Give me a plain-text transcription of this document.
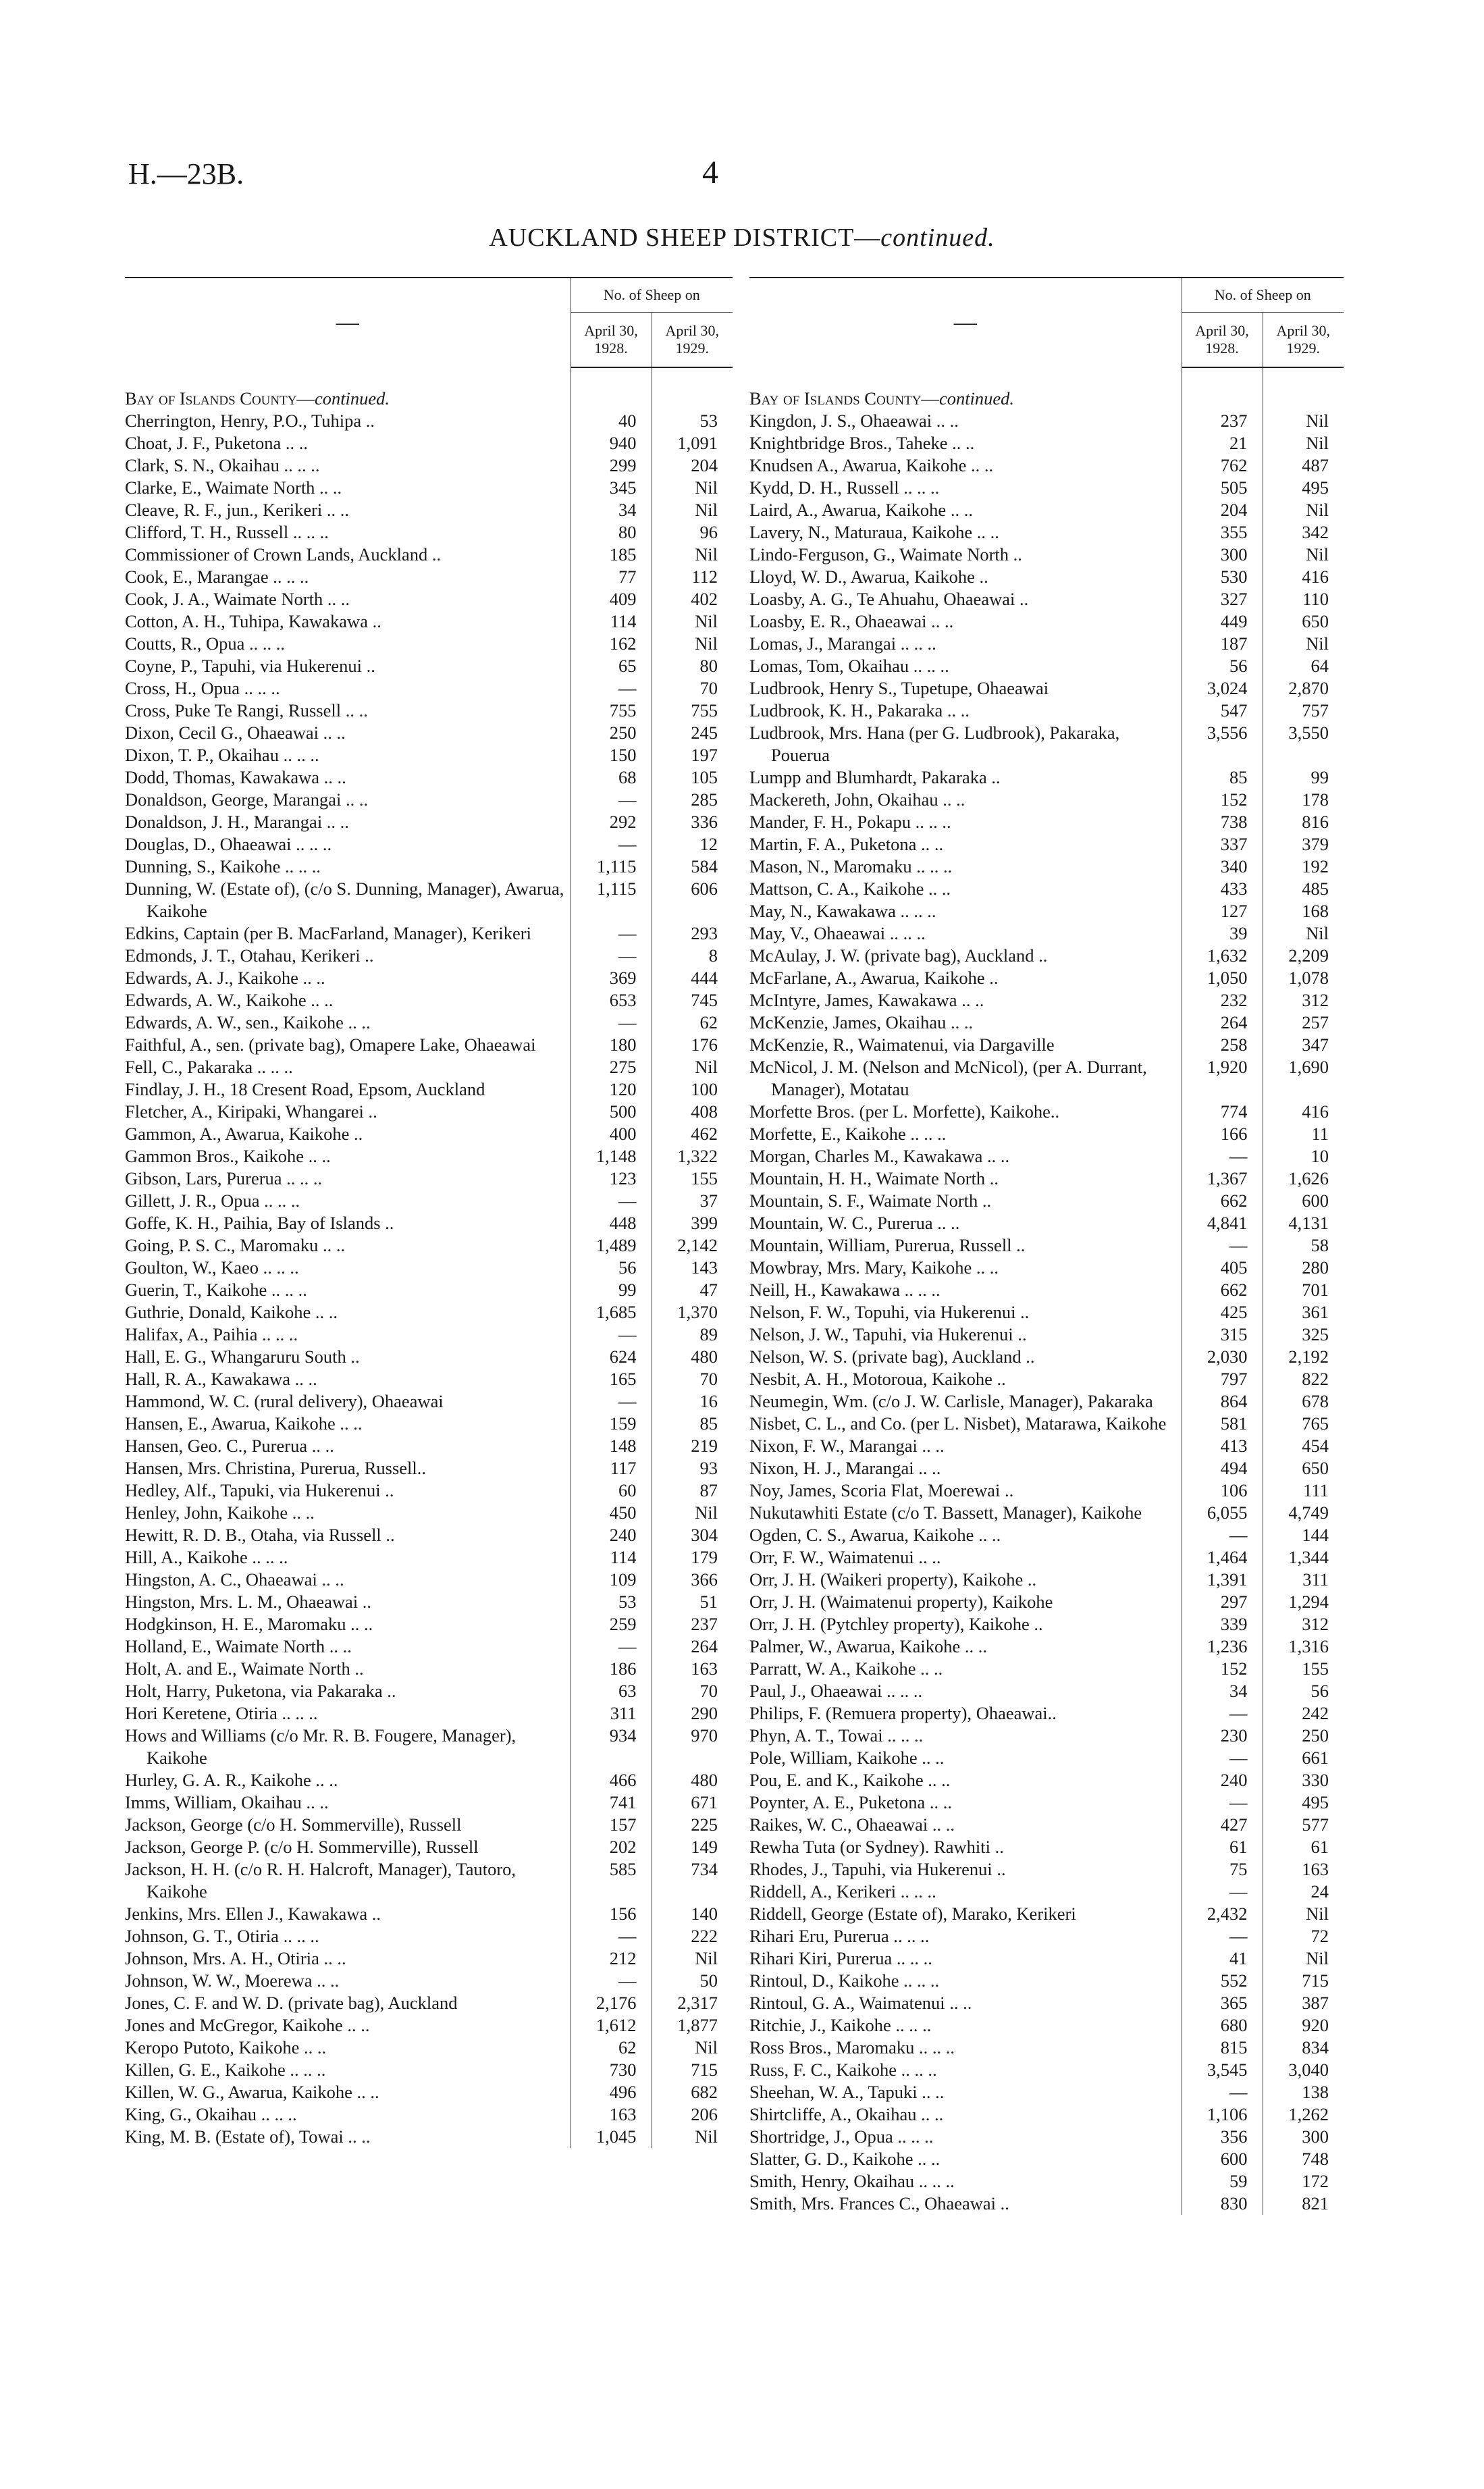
H.—23B.	4
AUCKLAND SHEEP DISTRICT—continued.
—	No. of Sheep on	
	April 30, 1928.	April 30, 1929.
Bay of Islands County—continued.		

Cherrington, Henry, P.O., Tuhipa ..	40	53

Choat, J. F., Puketona .. ..	940	1,091

Clark, S. N., Okaihau .. .. ..	299	204

Clarke, E., Waimate North .. ..	345	Nil

Cleave, R. F., jun., Kerikeri .. ..	34	Nil

Clifford, T. H., Russell .. .. ..	80	96

Commissioner of Crown Lands, Auckland ..	185	Nil

Cook, E., Marangae .. .. ..	77	112

Cook, J. A., Waimate North .. ..	409	402

Cotton, A. H., Tuhipa, Kawakawa ..	114	Nil

Coutts, R., Opua .. .. ..	162	Nil

Coyne, P., Tapuhi, via Hukerenui ..	65	80

Cross, H., Opua .. .. ..	—	70

Cross, Puke Te Rangi, Russell .. ..	755	755

Dixon, Cecil G., Ohaeawai .. ..	250	245

Dixon, T. P., Okaihau .. .. ..	150	197

Dodd, Thomas, Kawakawa .. ..	68	105

Donaldson, George, Marangai .. ..	—	285

Donaldson, J. H., Marangai .. ..	292	336

Douglas, D., Ohaeawai .. .. ..	—	12

Dunning, S., Kaikohe .. .. ..	1,115	584

Dunning, W. (Estate of), (c/o S. Dunning, Manager), Awarua, Kaikohe	1,115	606

Edkins, Captain (per B. MacFarland, Manager), Kerikeri	—	293

Edmonds, J. T., Otahau, Kerikeri ..	—	8

Edwards, A. J., Kaikohe .. ..	369	444

Edwards, A. W., Kaikohe .. ..	653	745

Edwards, A. W., sen., Kaikohe .. ..	—	62

Faithful, A., sen. (private bag), Omapere Lake, Ohaeawai	180	176

Fell, C., Pakaraka .. .. ..	275	Nil

Findlay, J. H., 18 Cresent Road, Epsom, Auckland	120	100

Fletcher, A., Kiripaki, Whangarei ..	500	408

Gammon, A., Awarua, Kaikohe ..	400	462

Gammon Bros., Kaikohe .. ..	1,148	1,322

Gibson, Lars, Purerua .. .. ..	123	155

Gillett, J. R., Opua .. .. ..	—	37

Goffe, K. H., Paihia, Bay of Islands ..	448	399

Going, P. S. C., Maromaku .. ..	1,489	2,142

Goulton, W., Kaeo .. .. ..	56	143

Guerin, T., Kaikohe .. .. ..	99	47

Guthrie, Donald, Kaikohe .. ..	1,685	1,370

Halifax, A., Paihia .. .. ..	—	89

Hall, E. G., Whangaruru South ..	624	480

Hall, R. A., Kawakawa .. ..	165	70

Hammond, W. C. (rural delivery), Ohaeawai	—	16

Hansen, E., Awarua, Kaikohe .. ..	159	85

Hansen, Geo. C., Purerua .. ..	148	219

Hansen, Mrs. Christina, Purerua, Russell..	117	93

Hedley, Alf., Tapuki, via Hukerenui ..	60	87

Henley, John, Kaikohe .. ..	450	Nil

Hewitt, R. D. B., Otaha, via Russell ..	240	304

Hill, A., Kaikohe .. .. ..	114	179

Hingston, A. C., Ohaeawai .. ..	109	366

Hingston, Mrs. L. M., Ohaeawai ..	53	51

Hodgkinson, H. E., Maromaku .. ..	259	237

Holland, E., Waimate North .. ..	—	264

Holt, A. and E., Waimate North ..	186	163

Holt, Harry, Puketona, via Pakaraka ..	63	70

Hori Keretene, Otiria .. .. ..	311	290

Hows and Williams (c/o Mr. R. B. Fougere, Manager), Kaikohe	934	970

Hurley, G. A. R., Kaikohe .. ..	466	480

Imms, William, Okaihau .. ..	741	671

Jackson, George (c/o H. Sommerville), Russell	157	225

Jackson, George P. (c/o H. Sommerville), Russell	202	149

Jackson, H. H. (c/o R. H. Halcroft, Manager), Tautoro, Kaikohe	585	734

Jenkins, Mrs. Ellen J., Kawakawa ..	156	140

Johnson, G. T., Otiria .. .. ..	—	222

Johnson, Mrs. A. H., Otiria .. ..	212	Nil

Johnson, W. W., Moerewa .. ..	—	50

Jones, C. F. and W. D. (private bag), Auckland	2,176	2,317

Jones and McGregor, Kaikohe .. ..	1,612	1,877

Keropo Putoto, Kaikohe .. ..	62	Nil

Killen, G. E., Kaikohe .. .. ..	730	715

Killen, W. G., Awarua, Kaikohe .. ..	496	682

King, G., Okaihau .. .. ..	163	206

King, M. B. (Estate of), Towai .. ..	1,045	Nil
—	No. of Sheep on	
	April 30, 1928.	April 30, 1929.
Bay of Islands County—continued.		

Kingdon, J. S., Ohaeawai .. ..	237	Nil

Knightbridge Bros., Taheke .. ..	21	Nil

Knudsen A., Awarua, Kaikohe .. ..	762	487

Kydd, D. H., Russell .. .. ..	505	495

Laird, A., Awarua, Kaikohe .. ..	204	Nil

Lavery, N., Maturaua, Kaikohe .. ..	355	342

Lindo-Ferguson, G., Waimate North ..	300	Nil

Lloyd, W. D., Awarua, Kaikohe ..	530	416

Loasby, A. G., Te Ahuahu, Ohaeawai ..	327	110

Loasby, E. R., Ohaeawai .. ..	449	650

Lomas, J., Marangai .. .. ..	187	Nil

Lomas, Tom, Okaihau .. .. ..	56	64

Ludbrook, Henry S., Tupetupe, Ohaeawai	3,024	2,870

Ludbrook, K. H., Pakaraka .. ..	547	757

Ludbrook, Mrs. Hana (per G. Ludbrook), Pakaraka, Pouerua	3,556	3,550

Lumpp and Blumhardt, Pakaraka ..	85	99

Mackereth, John, Okaihau .. ..	152	178

Mander, F. H., Pokapu .. .. ..	738	816

Martin, F. A., Puketona .. ..	337	379

Mason, N., Maromaku .. .. ..	340	192

Mattson, C. A., Kaikohe .. ..	433	485

May, N., Kawakawa .. .. ..	127	168

May, V., Ohaeawai .. .. ..	39	Nil

McAulay, J. W. (private bag), Auckland ..	1,632	2,209

McFarlane, A., Awarua, Kaikohe ..	1,050	1,078

McIntyre, James, Kawakawa .. ..	232	312

McKenzie, James, Okaihau .. ..	264	257

McKenzie, R., Waimatenui, via Dargaville	258	347

McNicol, J. M. (Nelson and McNicol), (per A. Durrant, Manager), Motatau	1,920	1,690

Morfette Bros. (per L. Morfette), Kaikohe..	774	416

Morfette, E., Kaikohe .. .. ..	166	11

Morgan, Charles M., Kawakawa .. ..	—	10

Mountain, H. H., Waimate North ..	1,367	1,626

Mountain, S. F., Waimate North ..	662	600

Mountain, W. C., Purerua .. ..	4,841	4,131

Mountain, William, Purerua, Russell ..	—	58

Mowbray, Mrs. Mary, Kaikohe .. ..	405	280

Neill, H., Kawakawa .. .. ..	662	701

Nelson, F. W., Topuhi, via Hukerenui ..	425	361

Nelson, J. W., Tapuhi, via Hukerenui ..	315	325

Nelson, W. S. (private bag), Auckland ..	2,030	2,192

Nesbit, A. H., Motoroua, Kaikohe ..	797	822

Neumegin, Wm. (c/o J. W. Carlisle, Manager), Pakaraka	864	678

Nisbet, C. L., and Co. (per L. Nisbet), Matarawa, Kaikohe	581	765

Nixon, F. W., Marangai .. ..	413	454

Nixon, H. J., Marangai .. ..	494	650

Noy, James, Scoria Flat, Moerewai ..	106	111

Nukutawhiti Estate (c/o T. Bassett, Manager), Kaikohe	6,055	4,749

Ogden, C. S., Awarua, Kaikohe .. ..	—	144

Orr, F. W., Waimatenui .. ..	1,464	1,344

Orr, J. H. (Waikeri property), Kaikohe ..	1,391	311

Orr, J. H. (Waimatenui property), Kaikohe	297	1,294

Orr, J. H. (Pytchley property), Kaikohe ..	339	312

Palmer, W., Awarua, Kaikohe .. ..	1,236	1,316

Parratt, W. A., Kaikohe .. ..	152	155

Paul, J., Ohaeawai .. .. ..	34	56

Philips, F. (Remuera property), Ohaeawai..	—	242

Phyn, A. T., Towai .. .. ..	230	250

Pole, William, Kaikohe .. ..	—	661

Pou, E. and K., Kaikohe .. ..	240	330

Poynter, A. E., Puketona .. ..	—	495

Raikes, W. C., Ohaeawai .. ..	427	577

Rewha Tuta (or Sydney). Rawhiti ..	61	61

Rhodes, J., Tapuhi, via Hukerenui ..	75	163

Riddell, A., Kerikeri .. .. ..	—	24

Riddell, George (Estate of), Marako, Kerikeri	2,432	Nil

Rihari Eru, Purerua .. .. ..	—	72

Rihari Kiri, Purerua .. .. ..	41	Nil

Rintoul, D., Kaikohe .. .. ..	552	715

Rintoul, G. A., Waimatenui .. ..	365	387

Ritchie, J., Kaikohe .. .. ..	680	920

Ross Bros., Maromaku .. .. ..	815	834

Russ, F. C., Kaikohe .. .. ..	3,545	3,040

Sheehan, W. A., Tapuki .. ..	—	138

Shirtcliffe, A., Okaihau .. ..	1,106	1,262

Shortridge, J., Opua .. .. ..	356	300

Slatter, G. D., Kaikohe .. ..	600	748

Smith, Henry, Okaihau .. .. ..	59	172

Smith, Mrs. Frances C., Ohaeawai ..	830	821
